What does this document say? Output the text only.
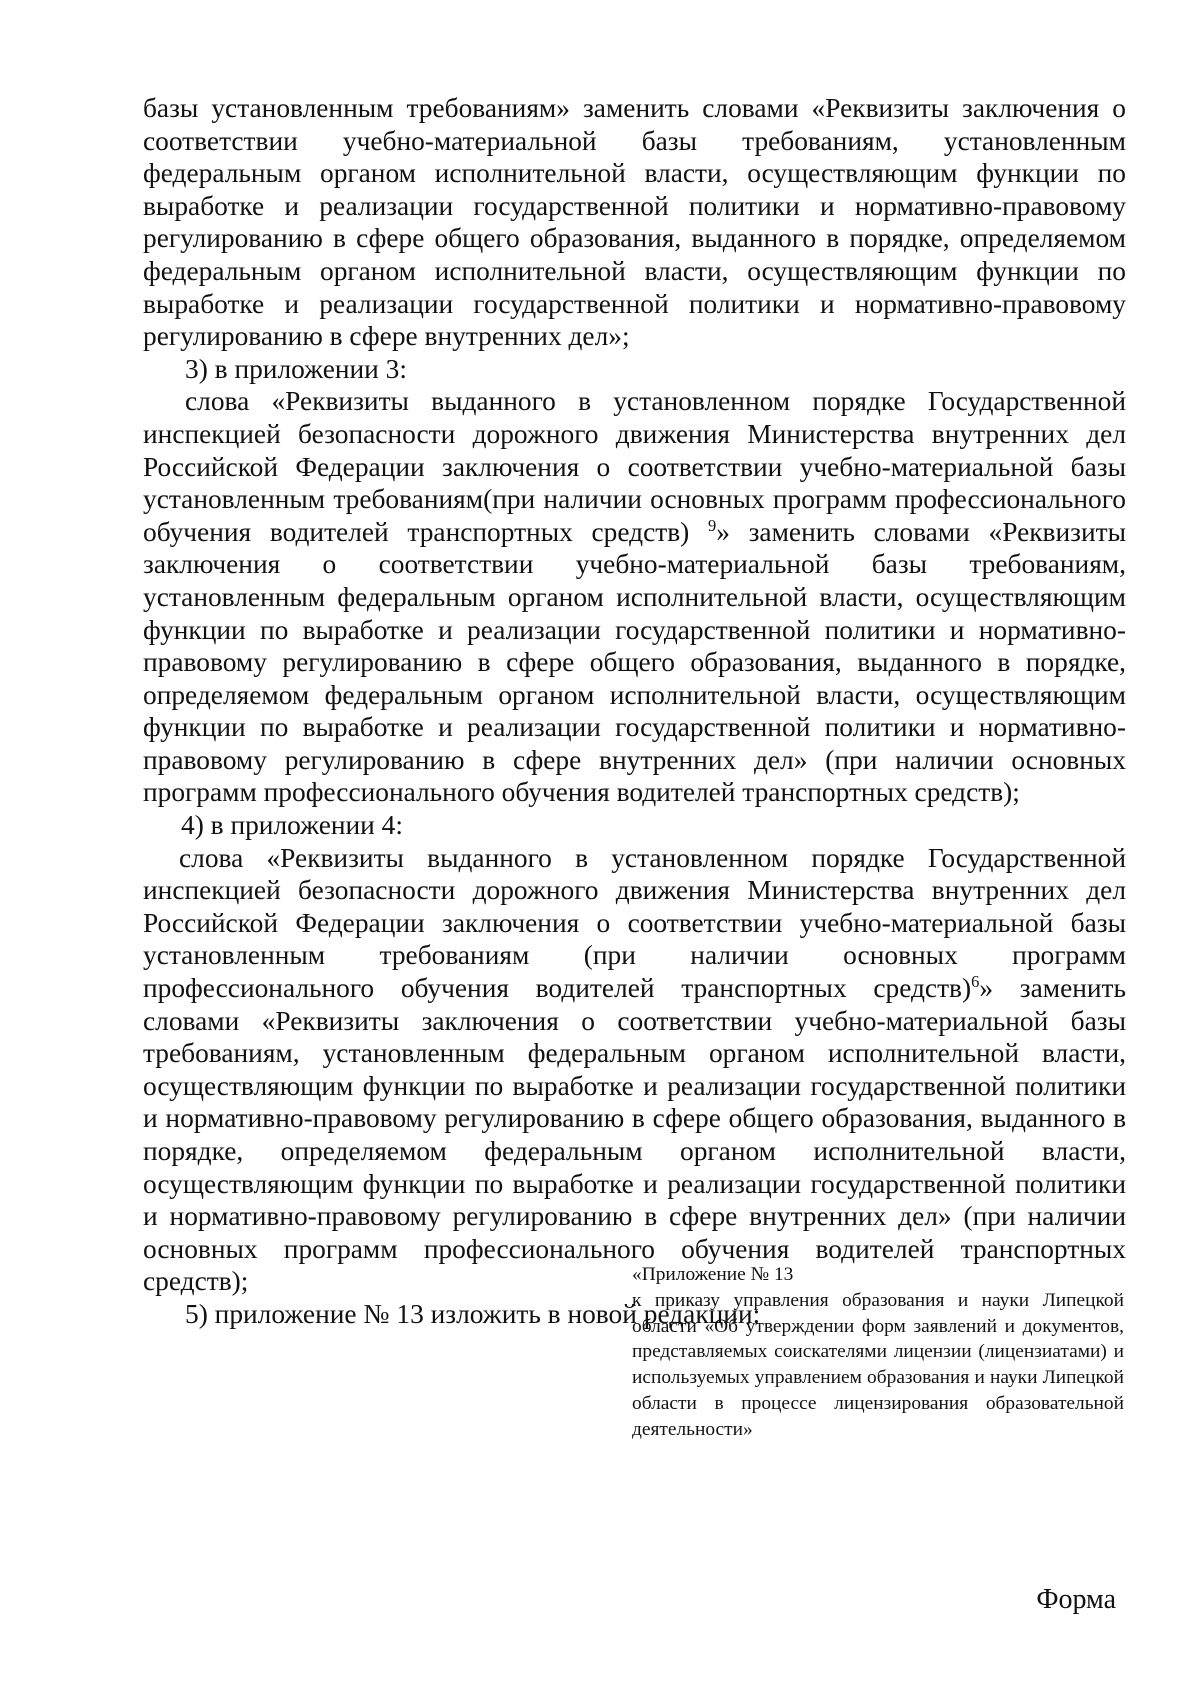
базы установленным требованиям» заменить словами «Реквизиты заключения о соответствии учебно-материальной базы требованиям, установленным федеральным органом исполнительной власти, осуществляющим функции по выработке и реализации государственной политики и нормативно-правовому регулированию в сфере общего образования, выданного в порядке, определяемом федеральным органом исполнительной власти, осуществляющим функции по выработке и реализации государственной политики и нормативно-правовому регулированию в сфере внутренних дел»;

3) в приложении 3:

слова «Реквизиты выданного в установленном порядке Государственной инспекцией безопасности дорожного движения Министерства внутренних дел Российской Федерации заключения о соответствии учебно-материальной базы установленным требованиям(при наличии основных программ профессионального обучения водителей транспортных средств) $^9$» заменить словами «Реквизиты заключения о соответствии учебно-материальной базы требованиям, установленным федеральным органом исполнительной власти, осуществляющим функции по выработке и реализации государственной политики и нормативно-правовому регулированию в сфере общего образования, выданного в порядке, определяемом федеральным органом исполнительной власти, осуществляющим функции по выработке и реализации государственной политики и нормативно-правовому регулированию в сфере внутренних дел» (при наличии основных программ профессионального обучения водителей транспортных средств);

4) в приложении 4:

слова «Реквизиты выданного в установленном порядке Государственной инспекцией безопасности дорожного движения Министерства внутренних дел Российской Федерации заключения о соответствии учебно-материальной базы установленным требованиям (при наличии основных программ профессионального обучения водителей транспортных средств)$^6$» заменить словами «Реквизиты заключения о соответствии учебно-материальной базы требованиям, установленным федеральным органом исполнительной власти, осуществляющим функции по выработке и реализации государственной политики и нормативно-правовому регулированию в сфере общего образования, выданного в порядке, определяемом федеральным органом исполнительной власти, осуществляющим функции по выработке и реализации государственной политики и нормативно-правовому регулированию в сфере внутренних дел» (при наличии основных программ профессионального обучения водителей транспортных средств);

5) приложение № 13 изложить в новой редакции:

«Приложение № 13

к приказу управления образования и науки Липецкой области «Об утверждении форм заявлений и документов, представляемых соискателями лицензии (лицензиатами) и используемых управлением образования и науки Липецкой области в процессе лицензирования образовательной деятельности»

Форма
